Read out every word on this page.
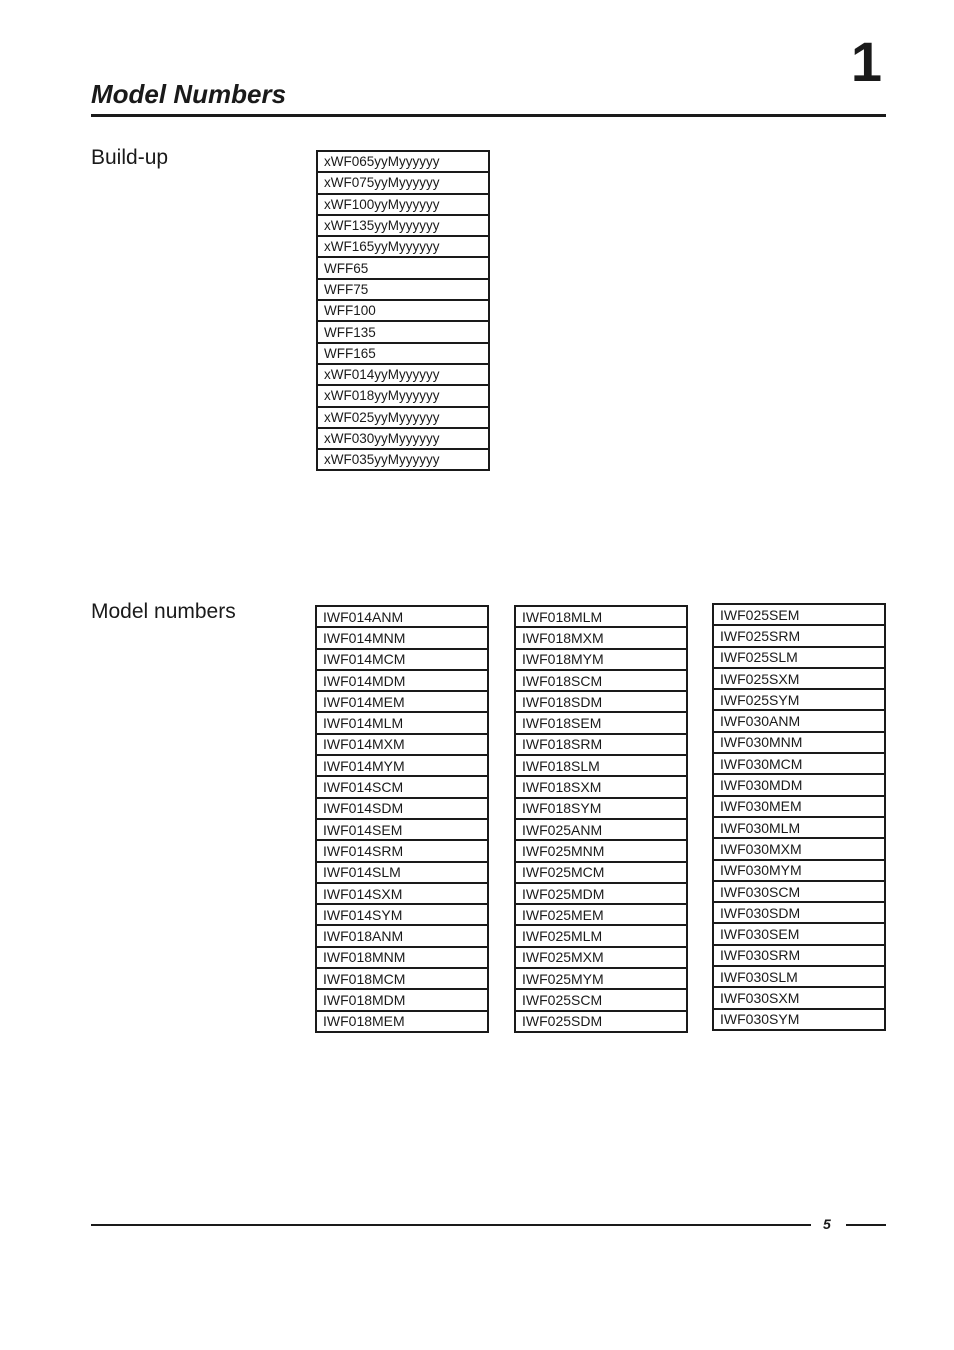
1
Model Numbers
Build-up	xWF065yyMyyyyyy
xWF075yyMyyyyyy
xWF100yyMyyyyyy
xWF135yyMyyyyyy
xWF165yyMyyyyyy
WFF65
WFF75
WFF100
WFF135
WFF165
xWF014yyMyyyyyy
xWF018yyMyyyyyy
xWF025yyMyyyyyy
xWF030yyMyyyyyy
xWF035yyMyyyyyy
Model numbers	IWF014ANM
IWF014MNM
IWF014MCM
IWF014MDM
IWF014MEM
IWF014MLM
IWF014MXM
IWF014MYM
IWF014SCM
IWF014SDM
IWF014SEM
IWF014SRM
IWF014SLM
IWF014SXM
IWF014SYM
IWF018ANM
IWF018MNM
IWF018MCM
IWF018MDM
IWF018MEM
IWF018MLM
IWF018MXM
IWF018MYM
IWF018SCM
IWF018SDM
IWF018SEM
IWF018SRM
IWF018SLM
IWF018SXM
IWF018SYM
IWF025ANM
IWF025MNM
IWF025MCM
IWF025MDM
IWF025MEM
IWF025MLM
IWF025MXM
IWF025MYM
IWF025SCM
IWF025SDM
IWF025SEM
IWF025SRM
IWF025SLM
IWF025SXM
IWF025SYM
IWF030ANM
IWF030MNM
IWF030MCM
IWF030MDM
IWF030MEM
IWF030MLM
IWF030MXM
IWF030MYM
IWF030SCM
IWF030SDM
IWF030SEM
IWF030SRM
IWF030SLM
IWF030SXM
IWF030SYM
5
